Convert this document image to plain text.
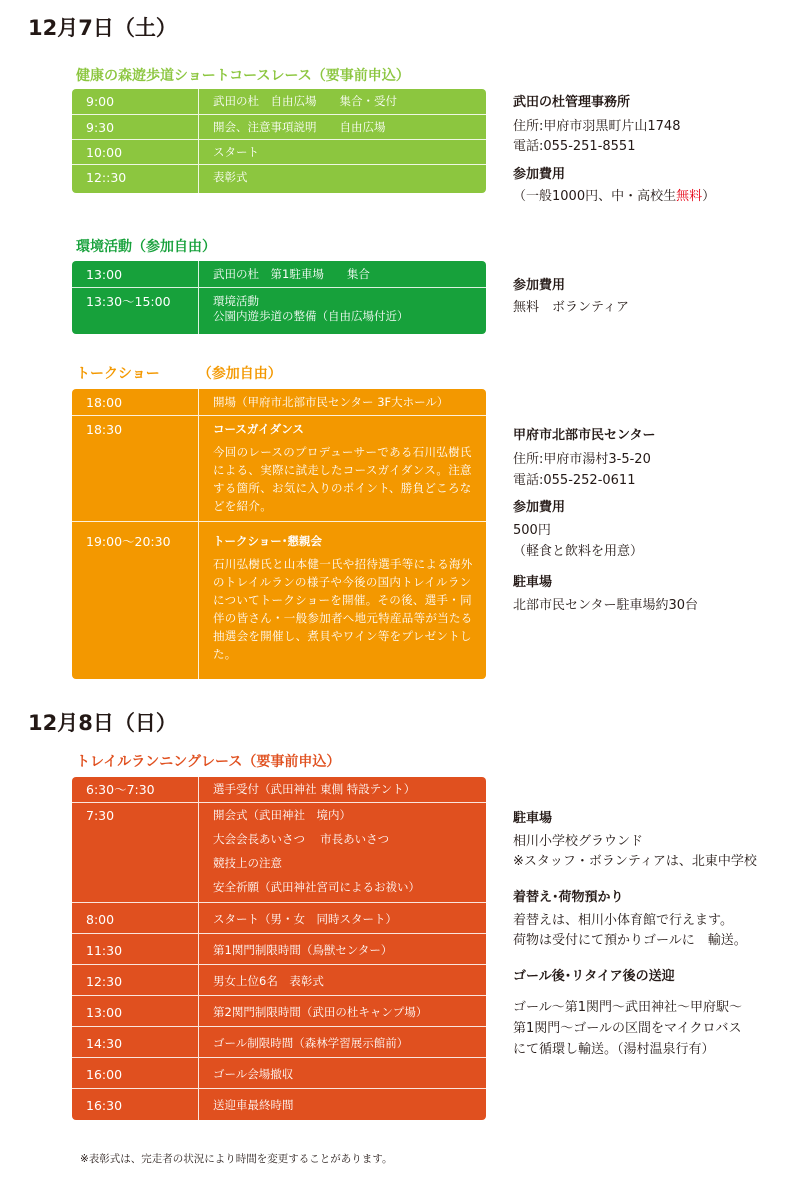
12月7日（土）
健康の森遊歩道ショートコースレース（要事前申込）
9:00	武田の杜　自由広場　　集合・受付
9:30	開会、注意事項説明　　自由広場
10:00	スタート
12::30	表彰式
武田の杜管理事務所
住所:甲府市羽黒町片山1748
電話:055-251-8551
参加費用
（一般1000円、中・高校生無料）
環境活動（参加自由）
13:00	武田の杜　第1駐車場　　集合
13:30～15:00	環境活動
公園内遊歩道の整備（自由広場付近）
参加費用
無料　ボランティア
トークショー	（参加自由）
18:00	開場（甲府市北部市民センター 3F大ホール）
18:30	コースガイダンス
今回のレースのプロデューサーである石川弘樹氏による、実際に試走したコースガイダンス。注意する箇所、お気に入りのポイント、勝負どころなどを紹介。
19:00～20:30	トークショー･懇親会
石川弘樹氏と山本健一氏や招待選手等による海外のトレイルランの様子や今後の国内トレイルランについてトークショーを開催。その後、選手・同伴の皆さん・一般参加者へ地元特産品等が当たる抽選会を開催し、煮貝やワイン等をプレゼントした。
甲府市北部市民センター
住所:甲府市湯村3-5-20
電話:055-252-0611
参加費用
500円
（軽食と飲料を用意）
駐車場
北部市民センター駐車場約30台
12月8日（日）
トレイルランニングレース（要事前申込）
6:30～7:30	選手受付（武田神社 東側 特設テント）
7:30	開会式（武田神社　境内）
大会会長あいさつ　 市長あいさつ
競技上の注意
安全祈願（武田神社宮司によるお祓い）
8:00	スタート（男・女　同時スタート）
11:30	第1関門制限時間（鳥獣センター）
12:30	男女上位6名　表彰式
13:00	第2関門制限時間（武田の杜キャンプ場）
14:30	ゴール制限時間（森林学習展示館前）
16:00	ゴール会場撤収
16:30	送迎車最終時間
駐車場
相川小学校グラウンド
※スタッフ・ボランティアは、北東中学校
着替え･荷物預かり
着替えは、相川小体育館で行えます。
荷物は受付にて預かりゴールに　輸送。
ゴール後･リタイア後の送迎
ゴール～第1関門～武田神社～甲府駅～
第1関門～ゴールの区間をマイクロバス
にて循環し輸送。（湯村温泉行有）
※表彰式は、完走者の状況により時間を変更することがあります。
